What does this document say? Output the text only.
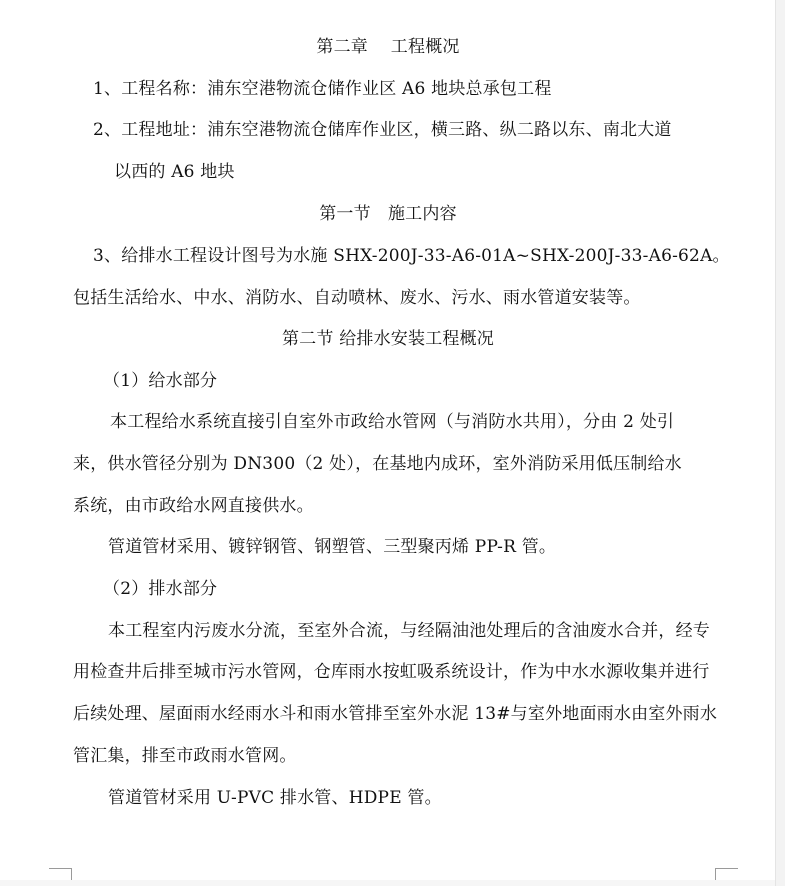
第二章　 工程概况
1、工程名称：浦东空港物流仓储作业区 A6 地块总承包工程
2、工程地址：浦东空港物流仓储库作业区，横三路、纵二路以东、南北大道
以西的 A6 地块
第一节　施工内容
3、给排水工程设计图号为水施 SHX-200J-33-A6-01A~SHX-200J-33-A6-62A。
包括生活给水、中水、消防水、自动喷林、废水、污水、雨水管道安装等。
第二节 给排水安装工程概况
（1）给水部分
本工程给水系统直接引自室外市政给水管网（与消防水共用），分由 2 处引
来，供水管径分别为 DN300（2 处），在基地内成环，室外消防采用低压制给水
系统，由市政给水网直接供水。
管道管材采用、镀锌钢管、钢塑管、三型聚丙烯 PP-R 管。
（2）排水部分
本工程室内污废水分流，至室外合流，与经隔油池处理后的含油废水合并，经专
用检查井后排至城市污水管网，仓库雨水按虹吸系统设计，作为中水水源收集并进行
后续处理、屋面雨水经雨水斗和雨水管排至室外水泥 13#与室外地面雨水由室外雨水
管汇集，排至市政雨水管网。
管道管材采用 U-PVC 排水管、HDPE 管。
